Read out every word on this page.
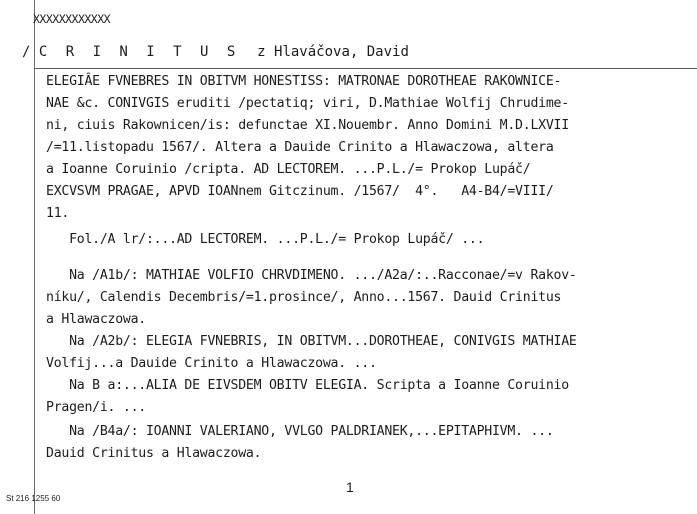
XXXXXXXXXXXX
/ C R I N I T U S z Hlaváčova, David
ELEGIÂE FVNEBRES IN OBITVM HONESTISS: MATRONAE DOROTHEAE RAKOWNICE-
NAE &c. CONIVGIS eruditi /pectatiq; viri, D.Mathiae Wolfij Chrudime-
ni, ciuis Rakownicen/is: defunctae XI.Nouembr. Anno Domini M.D.LXVII
/=11.listopadu 1567/. Altera a Dauide Crinito a Hlawaczowa, altera
a Ioanne Coruinio /cripta. AD LECTOREM. ...P.L./= Prokop Lupáč/
EXCVSVM PRAGAE, APVD IOANnem Gitczinum. /1567/  4°.   A4-B4/=VIII/
11.
Fol./A lr/:...AD LECTOREM. ...P.L./= Prokop Lupáč/ ...
Na /A1b/: MATHIAE VOLFIO CHRVDIMENO. .../A2a/:..Racconae/=v Rakov-
níku/, Calendis Decembris/=1.prosince/, Anno...1567. Dauid Crinitus
a Hlawaczowa.
Na /A2b/: ELEGIA FVNEBRIS, IN OBITVM...DOROTHEAE, CONIVGIS MATHIAE
Volfij...a Dauide Crinito a Hlawaczowa. ...
Na B a:...ALIA DE EIVSDEM OBITV ELEGIA. Scripta a Ioanne Coruinio
Pragen/i. ...
Na /B4a/: IOANNI VALERIANO, VVLGO PALDRIANEK,...EPITAPHIVM. ...
Dauid Crinitus a Hlawaczowa.
1
St 216 1255 60
